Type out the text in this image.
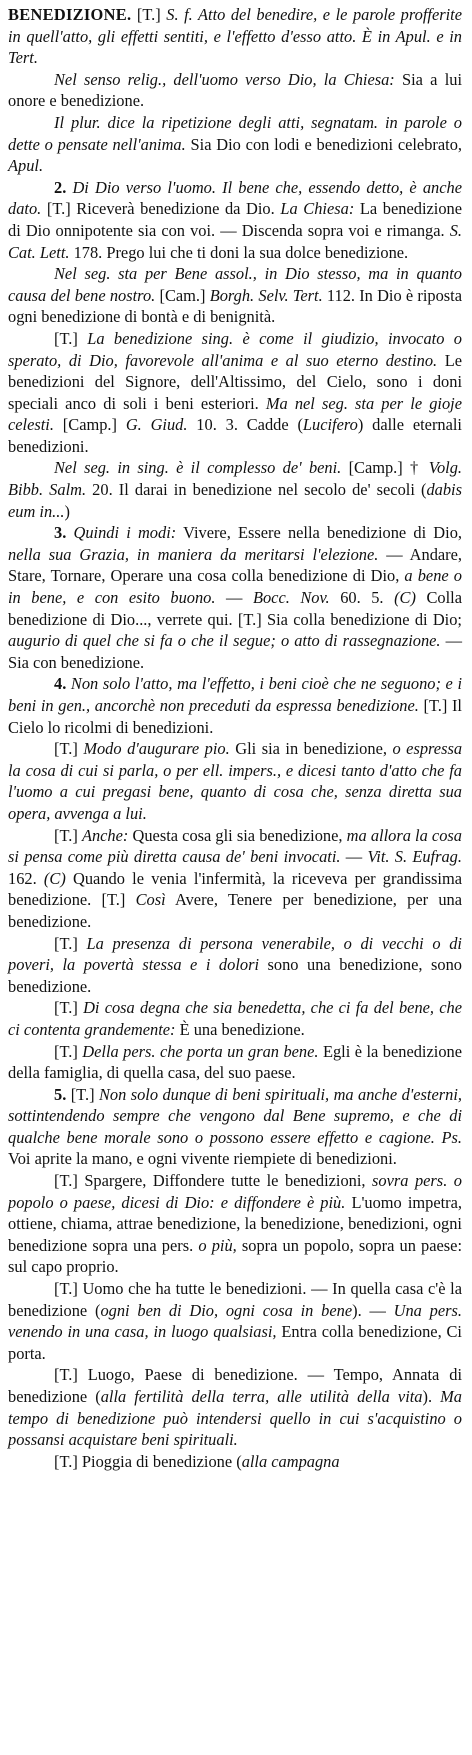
BENEDIZIONE. [T.] S. f. Atto del benedire, e le parole profferite in quell'atto, gli effetti sentiti, e l'effetto d'esso atto. È in Apul. e in Tert.

Nel senso relig., dell'uomo verso Dio, la Chiesa: Sia a lui onore e benedizione.

Il plur. dice la ripetizione degli atti, segnatam. in parole o dette o pensate nell'anima. Sia Dio con lodi e benedizioni celebrato, Apul.

2. Di Dio verso l'uomo. Il bene che, essendo detto, è anche dato. [T.] Riceverà benedizione da Dio. La Chiesa: La benedizione di Dio onnipotente sia con voi. — Discenda sopra voi e rimanga. S. Cat. Lett. 178. Prego lui che ti doni la sua dolce benedizione.

Nel seg. sta per Bene assol., in Dio stesso, ma in quanto causa del bene nostro. [Cam.] Borgh. Selv. Tert. 112. In Dio è riposta ogni benedizione di bontà e di benignità.

[T.] La benedizione sing. è come il giudizio, invocato o sperato, di Dio, favorevole all'anima e al suo eterno destino. Le benedizioni del Signore, dell'Altissimo, del Cielo, sono i doni speciali anco di soli i beni esteriori. Ma nel seg. sta per le gioje celesti. [Camp.] G. Giud. 10. 3. Cadde (Lucifero) dalle eternali benedizioni.

Nel seg. in sing. è il complesso de' beni. [Camp.] † Volg. Bibb. Salm. 20. Il darai in benedizione nel secolo de' secoli (dabis eum in...)

3. Quindi i modi: Vivere, Essere nella benedizione di Dio, nella sua Grazia, in maniera da meritarsi l'elezione. — Andare, Stare, Tornare, Operare una cosa colla benedizione di Dio, a bene o in bene, e con esito buono. — Bocc. Nov. 60. 5. (C) Colla benedizione di Dio..., verrete qui. [T.] Sia colla benedizione di Dio; augurio di quel che si fa o che il segue; o atto di rassegnazione. — Sia con benedizione.

4. Non solo l'atto, ma l'effetto, i beni cioè che ne seguono; e i beni in gen., ancorchè non preceduti da espressa benedizione. [T.] Il Cielo lo ricolmi di benedizioni.

[T.] Modo d'augurare pio. Gli sia in benedizione, o espressa la cosa di cui si parla, o per ell. impers., e dicesi tanto d'atto che fa l'uomo a cui pregasi bene, quanto di cosa che, senza diretta sua opera, avvenga a lui.

[T.] Anche: Questa cosa gli sia benedizione, ma allora la cosa si pensa come più diretta causa de' beni invocati. — Vit. S. Eufrag. 162. (C) Quando le venia l'infermità, la riceveva per grandissima benedizione. [T.] Così Avere, Tenere per benedizione, per una benedizione.

[T.] La presenza di persona venerabile, o di vecchi o di poveri, la povertà stessa e i dolori sono una benedizione, sono benedizione.

[T.] Di cosa degna che sia benedetta, che ci fa del bene, che ci contenta grandemente: È una benedizione.

[T.] Della pers. che porta un gran bene. Egli è la benedizione della famiglia, di quella casa, del suo paese.

5. [T.] Non solo dunque di beni spirituali, ma anche d'esterni, sottintendendo sempre che vengono dal Bene supremo, e che di qualche bene morale sono o possono essere effetto e cagione. Ps. Voi aprite la mano, e ogni vivente riempiete di benedizioni.

[T.] Spargere, Diffondere tutte le benedizioni, sovra pers. o popolo o paese, dicesi di Dio: e diffondere è più. L'uomo impetra, ottiene, chiama, attrae benedizione, la benedizione, benedizioni, ogni benedizione sopra una pers. o più, sopra un popolo, sopra un paese: sul capo proprio.

[T.] Uomo che ha tutte le benedizioni. — In quella casa c'è la benedizione (ogni ben di Dio, ogni cosa in bene). — Una pers. venendo in una casa, in luogo qualsiasi, Entra colla benedizione, Ci porta.

[T.] Luogo, Paese di benedizione. — Tempo, Annata di benedizione (alla fertilità della terra, alle utilità della vita). Ma tempo di benedizione può intendersi quello in cui s'acquistino o possansi acquistare beni spirituali.

[T.] Pioggia di benedizione (alla campagna
